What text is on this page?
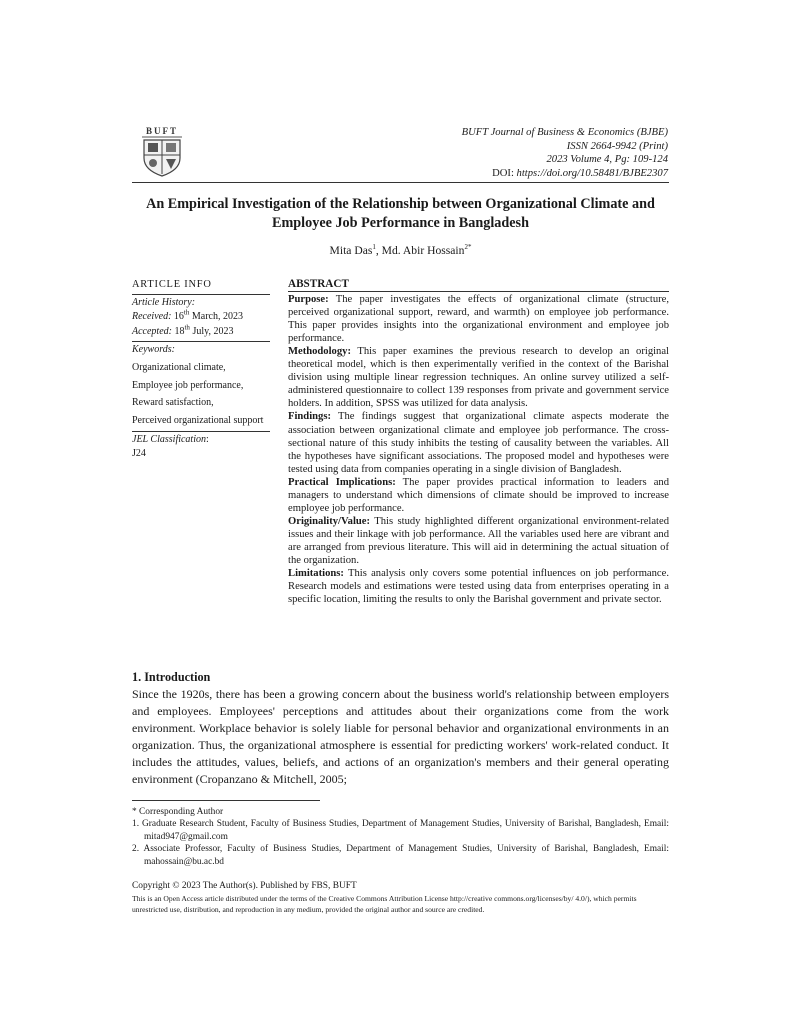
BUFT	BUFT Journal of Business & Economics (BJBE)
ISSN 2664-9942 (Print)
2023 Volume 4, Pg: 109-124
DOI: https://doi.org/10.58481/BJBE2307
An Empirical Investigation of the Relationship between Organizational Climate and Employee Job Performance in Bangladesh
Mita Das$^1$, Md. Abir Hossain$^{2*}$
ARTICLE INFO
Article History:
Received: 16th March, 2023
Accepted: 18th July, 2023
Keywords:
Organizational climate,
Employee job performance,
Reward satisfaction,
Perceived organizational support
JEL Classification:
J24
ABSTRACT

Purpose: The paper investigates the effects of organizational climate (structure, perceived organizational support, reward, and warmth) on employee job performance. This paper provides insights into the organizational environment and employee job performance.

Methodology: This paper examines the previous research to develop an original theoretical model, which is then experimentally verified in the context of the Barishal division using multiple linear regression techniques. An online survey utilized a self-administered questionnaire to collect 139 responses from private and government service holders. In addition, SPSS was utilized for data analysis.

Findings: The findings suggest that organizational climate aspects moderate the association between organizational climate and employee job performance. The cross-sectional nature of this study inhibits the testing of causality between the variables. All the hypotheses have significant associations. The proposed model and hypotheses were tested using data from companies operating in a single division of Bangladesh.

Practical Implications: The paper provides practical information to leaders and managers to understand which dimensions of climate should be improved to increase employee job performance.

Originality/Value: This study highlighted different organizational environment-related issues and their linkage with job performance. All the variables used here are vibrant and are arranged from previous literature. This will aid in determining the actual situation of the organization.

Limitations: This analysis only covers some potential influences on job performance. Research models and estimations were tested using data from enterprises operating in a specific location, limiting the results to only the Barishal government and private sector.

1. Introduction
Since the 1920s, there has been a growing concern about the business world's relationship between employers and employees. Employees' perceptions and attitudes about their organizations come from the work environment. Workplace behavior is solely liable for personal behavior and organizational environments in an organization. Thus, the organizational atmosphere is essential for predicting workers' work-related conduct. It includes the attitudes, values, beliefs, and actions of an organization's members and their general operating environment (Cropanzano & Mitchell, 2005;
* Corresponding Author
1. Graduate Research Student, Faculty of Business Studies, Department of Management Studies, University of Barishal, Bangladesh, Email: mitad947@gmail.com
2. Associate Professor, Faculty of Business Studies, Department of Management Studies, University of Barishal, Bangladesh, Email: mahossain@bu.ac.bd
Copyright © 2023 The Author(s). Published by FBS, BUFT
This is an Open Access article distributed under the terms of the Creative Commons Attribution License http://creative commons.org/licenses/by/ 4.0/), which permits unrestricted use, distribution, and reproduction in any medium, provided the original author and source are credited.
